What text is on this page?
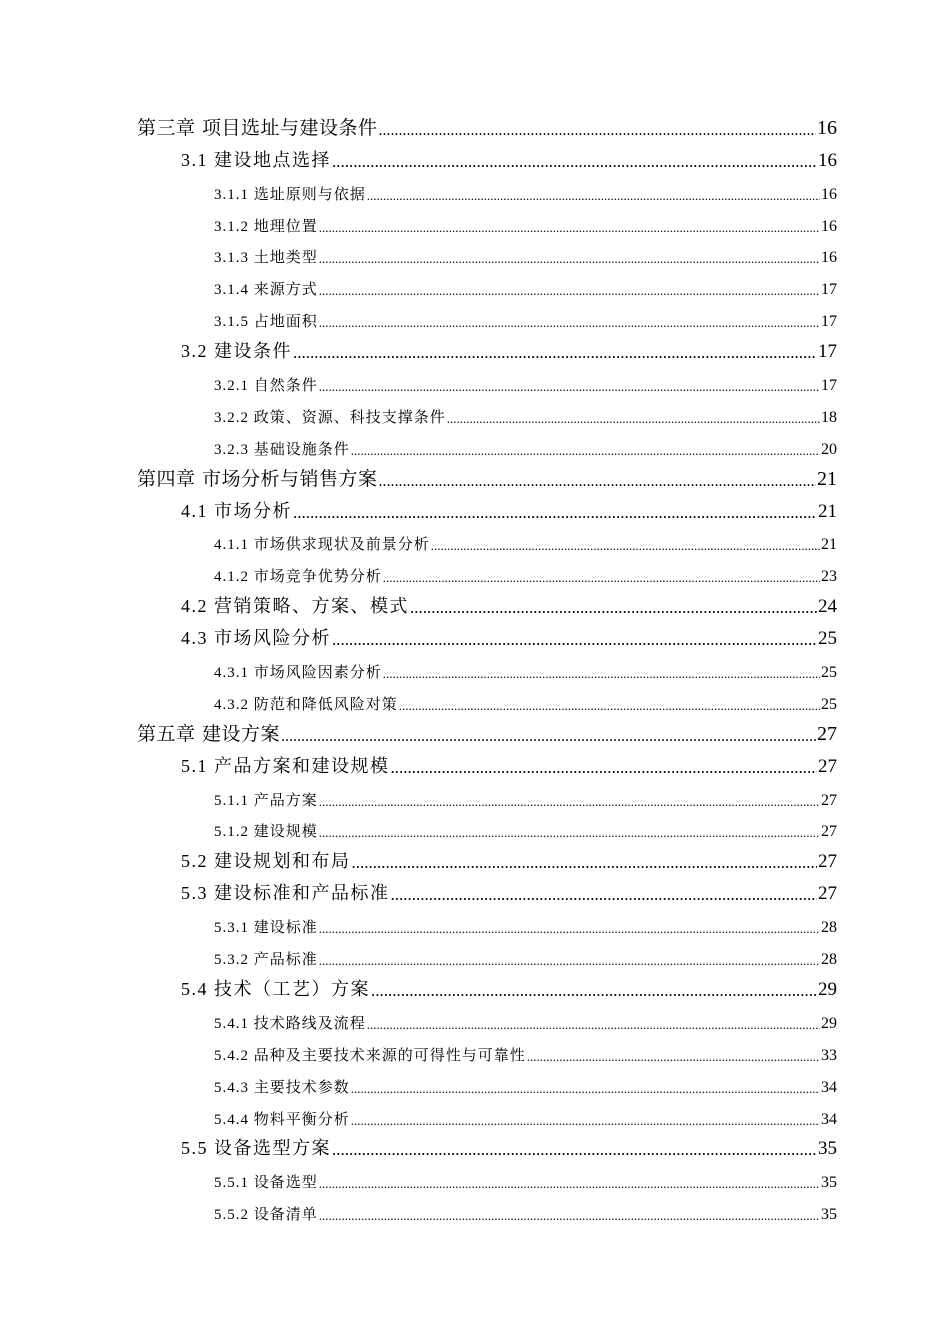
第三章 项目选址与建设条件 .....	16
3.1 建设地点选择 .....	16
3.1.1 选址原则与依据 .....	16
3.1.2 地理位置 .....	16
3.1.3 土地类型 .....	16
3.1.4 来源方式 .....	17
3.1.5 占地面积 .....	17
3.2 建设条件 .....	17
3.2.1 自然条件 .....	17
3.2.2 政策、资源、科技支撑条件 .....	18
3.2.3 基础设施条件 .....	20
第四章 市场分析与销售方案 .....	21
4.1 市场分析 .....	21
4.1.1 市场供求现状及前景分析 .....	21
4.1.2 市场竞争优势分析 .....	23
4.2 营销策略、方案、模式 .....	24
4.3 市场风险分析 .....	25
4.3.1 市场风险因素分析 .....	25
4.3.2 防范和降低风险对策 .....	25
第五章 建设方案 .....	27
5.1 产品方案和建设规模 .....	27
5.1.1 产品方案 .....	27
5.1.2 建设规模 .....	27
5.2 建设规划和布局 .....	27
5.3 建设标准和产品标准 .....	27
5.3.1 建设标准 .....	28
5.3.2 产品标准 .....	28
5.4 技术（工艺）方案 .....	29
5.4.1 技术路线及流程 .....	29
5.4.2 品种及主要技术来源的可得性与可靠性 .....	33
5.4.3 主要技术参数 .....	34
5.4.4 物料平衡分析 .....	34
5.5 设备选型方案 .....	35
5.5.1 设备选型 .....	35
5.5.2 设备清单 .....	35
